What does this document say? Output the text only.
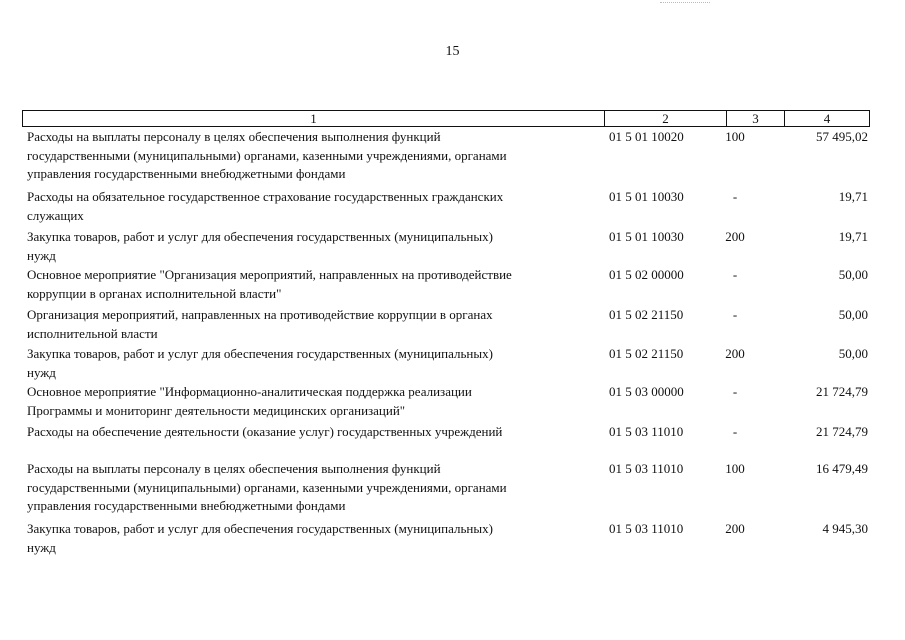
15
1	2	3	4
Расходы на выплаты персоналу в целях обеспечения выполнения функций
государственными (муниципальными) органами, казенными учреждениями, органами
управления государственными внебюджетными фондами
01 5 01 10020	100	57 495,02
Расходы на обязательное государственное страхование государственных гражданских
служащих
01 5 01 10030	-	19,71
Закупка товаров, работ и услуг для обеспечения государственных (муниципальных)
нужд
01 5 01 10030	200	19,71
Основное мероприятие "Организация мероприятий, направленных на противодействие
коррупции в органах исполнительной власти"
01 5 02 00000	-	50,00
Организация мероприятий, направленных на противодействие коррупции в органах
исполнительной власти
01 5 02 21150	-	50,00
Закупка товаров, работ и услуг для обеспечения государственных (муниципальных)
нужд
01 5 02 21150	200	50,00
Основное мероприятие "Информационно-аналитическая поддержка реализации
Программы и мониторинг деятельности медицинских организаций"
01 5 03 00000	-	21 724,79
Расходы на обеспечение деятельности (оказание услуг) государственных учреждений	01 5 03 11010	-	21 724,79
Расходы на выплаты персоналу в целях обеспечения выполнения функций
государственными (муниципальными) органами, казенными учреждениями, органами
управления государственными внебюджетными фондами
01 5 03 11010	100	16 479,49
Закупка товаров, работ и услуг для обеспечения государственных (муниципальных)
нужд
01 5 03 11010	200	4 945,30
